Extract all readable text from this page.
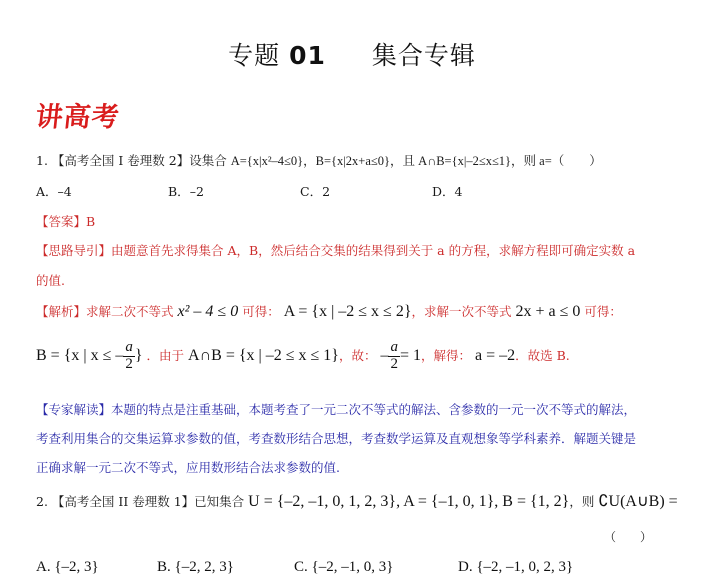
专题 01 集合专辑
讲高考
1. 【高考全国 I 卷理数 2】设集合 A={x|x²–4≤0}，B={x|2x+a≤0}，且 A∩B={x|–2≤x≤1}，则 a=（　　）
A．–4	B．–2	C．2	D．4
【答案】B
【思路导引】由题意首先求得集合 A，B，然后结合交集的结果得到关于 a 的方程，求解方程即可确定实数 a
的值.
【解析】求解二次不等式 x² – 4 ≤ 0 可得： A = {x | –2 ≤ x ≤ 2}，求解一次不等式 2x + a ≤ 0 可得：
B = {x | x ≤ – $\frac{a}{2}$ } ．由于 A∩B = {x | –2 ≤ x ≤ 1}，故： – $\frac{a}{2} = 1$，解得： a = –2．故选 B.
【专家解读】本题的特点是注重基础，本题考查了一元二次不等式的解法、含参数的一元一次不等式的解法，
考查利用集合的交集运算求参数的值，考查数形结合思想，考查数学运算及直观想象等学科素养．解题关键是
正确求解一元二次不等式，应用数形结合法求参数的值.
2. 【高考全国 II 卷理数 1】已知集合 U = {–2, –1, 0, 1, 2, 3}, A = {–1, 0, 1}, B = {1, 2}，则 ∁U(A∪B) =
（　　）
A. {–2, 3}	B. {–2, 2, 3}	C. {–2, –1, 0, 3}	D. {–2, –1, 0, 2, 3}
